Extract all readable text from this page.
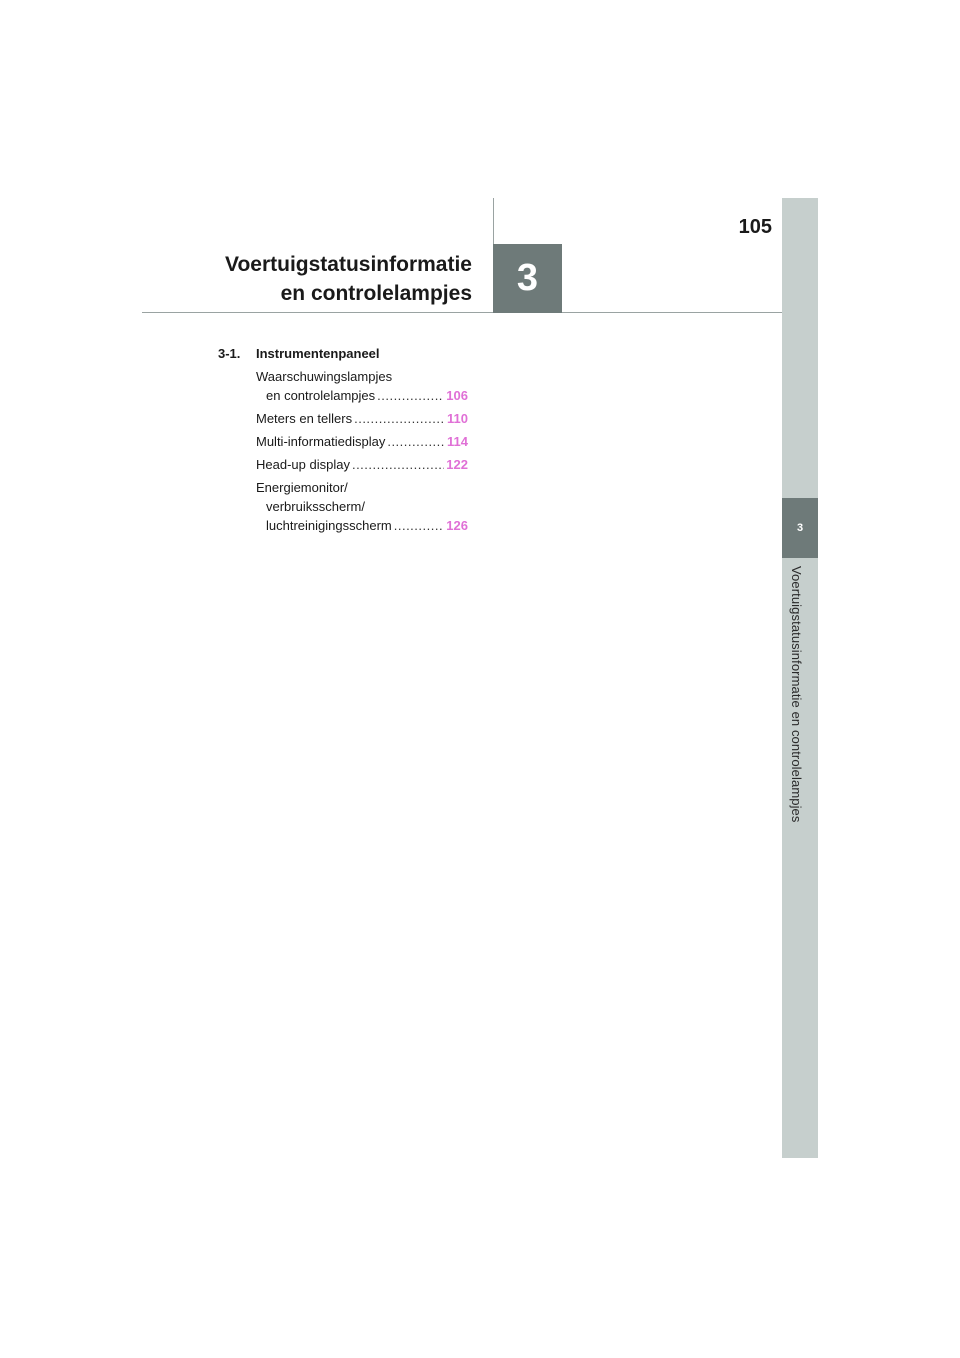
3
Voertuigstatusinformatie en controlelampjes
105
Voertuigstatusinformatie
en controlelampjes	3
3-1. Instrumentenpaneel
Waarschuwingslampjes
en controlelampjes .....	106
Meters en tellers .....	110
Multi-informatiedisplay .....	114
Head-up display .....	122
Energiemonitor/
verbruiksscherm/
luchtreinigingsscherm .....	126
